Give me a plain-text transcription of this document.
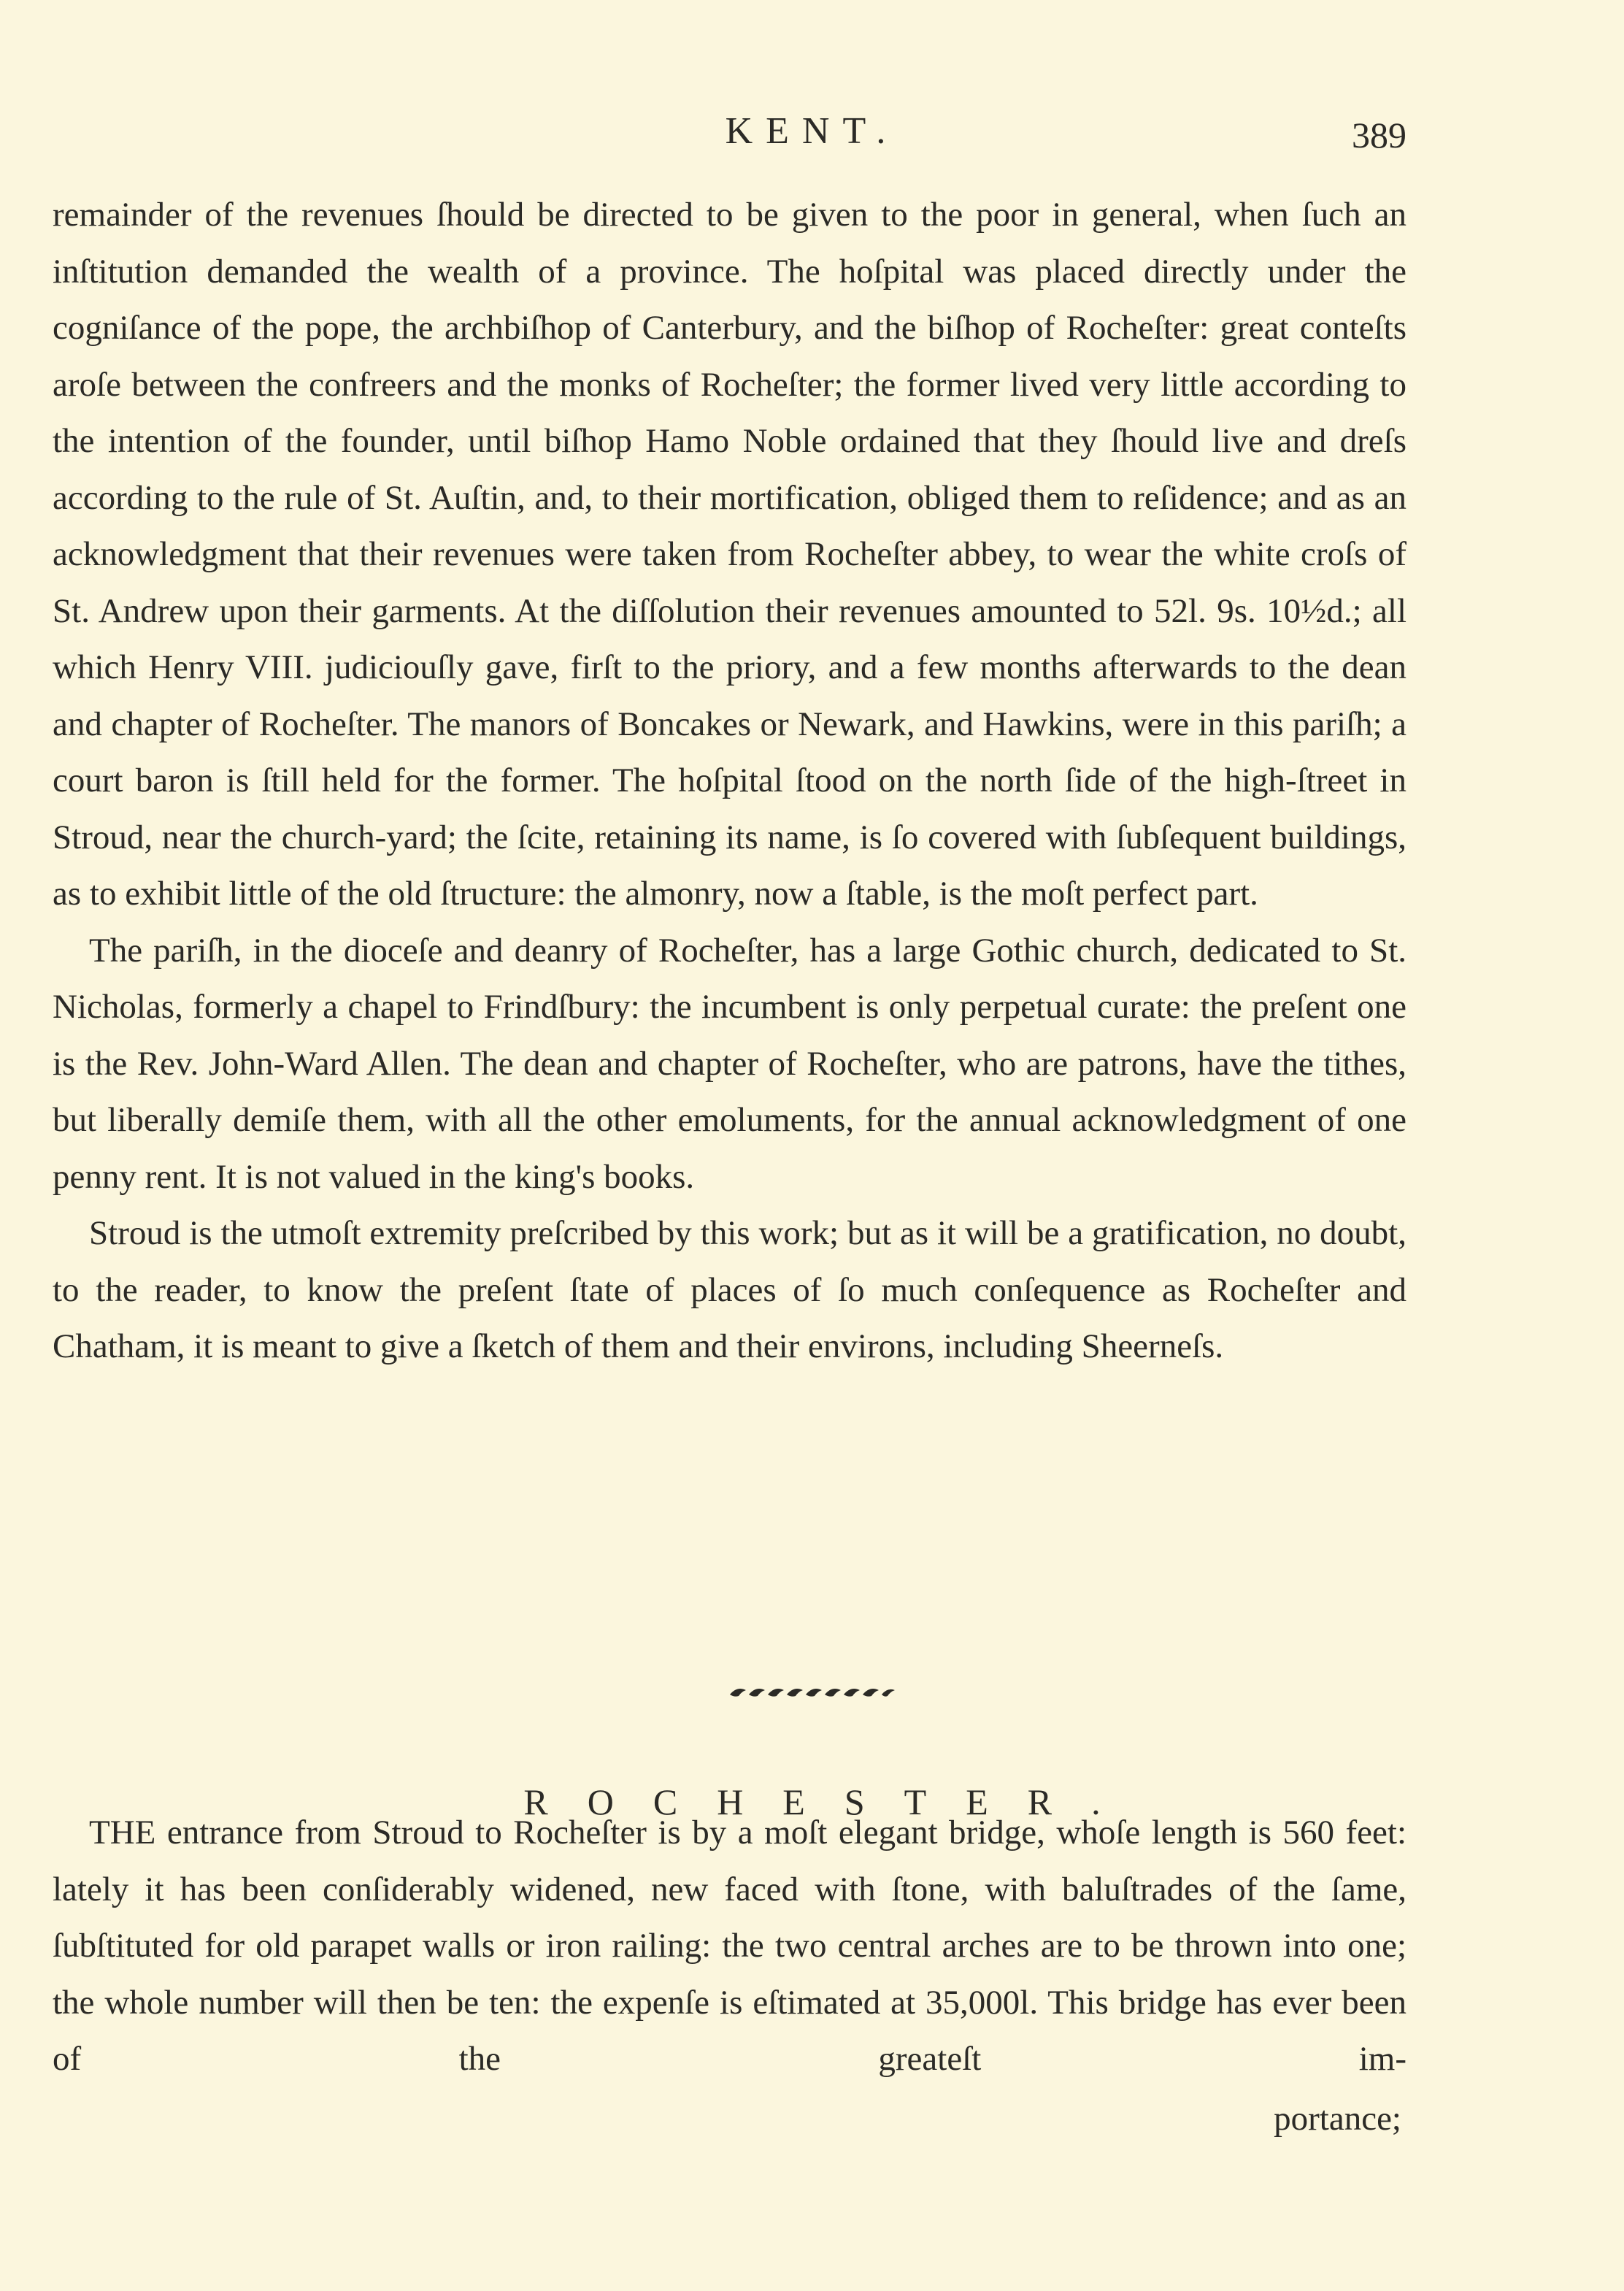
KENT.	389

remainder of the revenues ſhould be directed to be given to the poor in general, when ſuch an inſtitution demanded the wealth of a province. The hoſpital was placed directly under the cogniſance of the pope, the archbiſhop of Canterbury, and the biſhop of Rocheſter: great conteſts aroſe between the confreers and the monks of Rocheſter; the former lived very little according to the intention of the founder, until biſhop Hamo Noble ordained that they ſhould live and dreſs according to the rule of St. Auſtin, and, to their mortification, obliged them to reſidence; and as an acknowledgment that their revenues were taken from Rocheſter abbey, to wear the white croſs of St. Andrew upon their garments. At the diſſolution their revenues amounted to 52l. 9s. 10½d.; all which Henry VIII. judiciouſly gave, firſt to the priory, and a few months afterwards to the dean and chapter of Rocheſter. The manors of Boncakes or Newark, and Hawkins, were in this pariſh; a court baron is ſtill held for the former. The hoſpital ſtood on the north ſide of the high-ſtreet in Stroud, near the church-yard; the ſcite, retaining its name, is ſo covered with ſubſequent buildings, as to exhibit little of the old ſtructure: the almonry, now a ſtable, is the moſt perfect part.

The pariſh, in the dioceſe and deanry of Rocheſter, has a large Gothic church, dedicated to St. Nicholas, formerly a chapel to Frindſbury: the incumbent is only perpetual curate: the preſent one is the Rev. John-Ward Allen. The dean and chapter of Rocheſter, who are patrons, have the tithes, but liberally demiſe them, with all the other emoluments, for the annual acknowledgment of one penny rent. It is not valued in the king's books.

Stroud is the utmoſt extremity preſcribed by this work; but as it will be a gratification, no doubt, to the reader, to know the preſent ſtate of places of ſo much conſequence as Rocheſter and Chatham, it is meant to give a ſketch of them and their environs, including Sheerneſs.

ROCHESTER.

THE entrance from Stroud to Rocheſter is by a moſt elegant bridge, whoſe length is 560 feet: lately it has been conſiderably widened, new faced with ſtone, with baluſtrades of the ſame, ſubſtituted for old parapet walls or iron railing: the two central arches are to be thrown into one; the whole number will then be ten: the expenſe is eſtimated at 35,000l. This bridge has ever been of the greateſt im-

portance;
